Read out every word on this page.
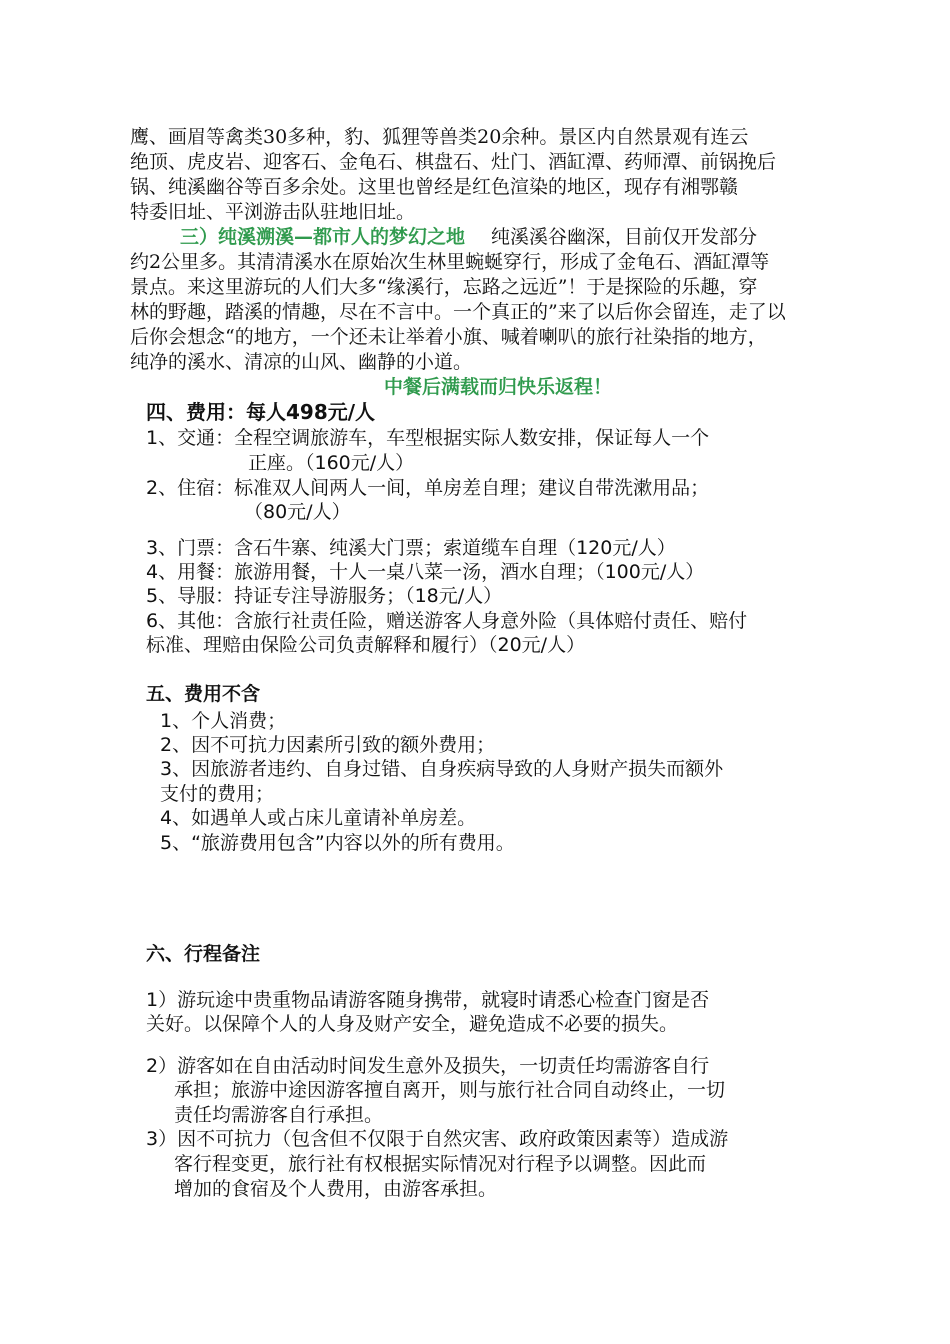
鹰、画眉等禽类30多种，豹、狐狸等兽类20余种。景区内自然景观有连云
绝顶、虎皮岩、迎客石、金龟石、棋盘石、灶门、酒缸潭、药师潭、前锅挽后
锅、纯溪幽谷等百多余处。这里也曾经是红色渲染的地区，现存有湘鄂赣
特委旧址、平浏游击队驻地旧址。
三）纯溪溯溪—都市人的梦幻之地 纯溪溪谷幽深，目前仅开发部分
约2公里多。其清清溪水在原始次生林里蜿蜒穿行，形成了金龟石、酒缸潭等
景点。来这里游玩的人们大多“缘溪行，忘路之远近”！于是探险的乐趣，穿
林的野趣，踏溪的情趣，尽在不言中。一个真正的”来了以后你会留连，走了以
后你会想念“的地方，一个还未让举着小旗、喊着喇叭的旅行社染指的地方，
纯净的溪水、清凉的山风、幽静的小道。
中餐后满载而归快乐返程！
四、费用：每人498元/人
1、交通：全程空调旅游车，车型根据实际人数安排，保证每人一个
正座。（160元/人）
2、住宿：标准双人间两人一间，单房差自理；建议自带洗漱用品；
（80元/人）
3、门票：含石牛寨、纯溪大门票；索道缆车自理（120元/人）
4、用餐：旅游用餐，十人一桌八菜一汤，酒水自理；（100元/人）
5、导服：持证专注导游服务；（18元/人）
6、其他：含旅行社责任险，赠送游客人身意外险（具体赔付责任、赔付
标准、理赔由保险公司负责解释和履行）（20元/人）
五、费用不含
1、个人消费；
2、因不可抗力因素所引致的额外费用；
3、因旅游者违约、自身过错、自身疾病导致的人身财产损失而额外
支付的费用；
4、如遇单人或占床儿童请补单房差。
5、“旅游费用包含”内容以外的所有费用。
六、行程备注
1）游玩途中贵重物品请游客随身携带，就寝时请悉心检查门窗是否
关好。以保障个人的人身及财产安全，避免造成不必要的损失。
2）游客如在自由活动时间发生意外及损失，一切责任均需游客自行
承担；旅游中途因游客擅自离开，则与旅行社合同自动终止，一切
责任均需游客自行承担。
3）因不可抗力（包含但不仅限于自然灾害、政府政策因素等）造成游
客行程变更，旅行社有权根据实际情况对行程予以调整。因此而
增加的食宿及个人费用，由游客承担。
